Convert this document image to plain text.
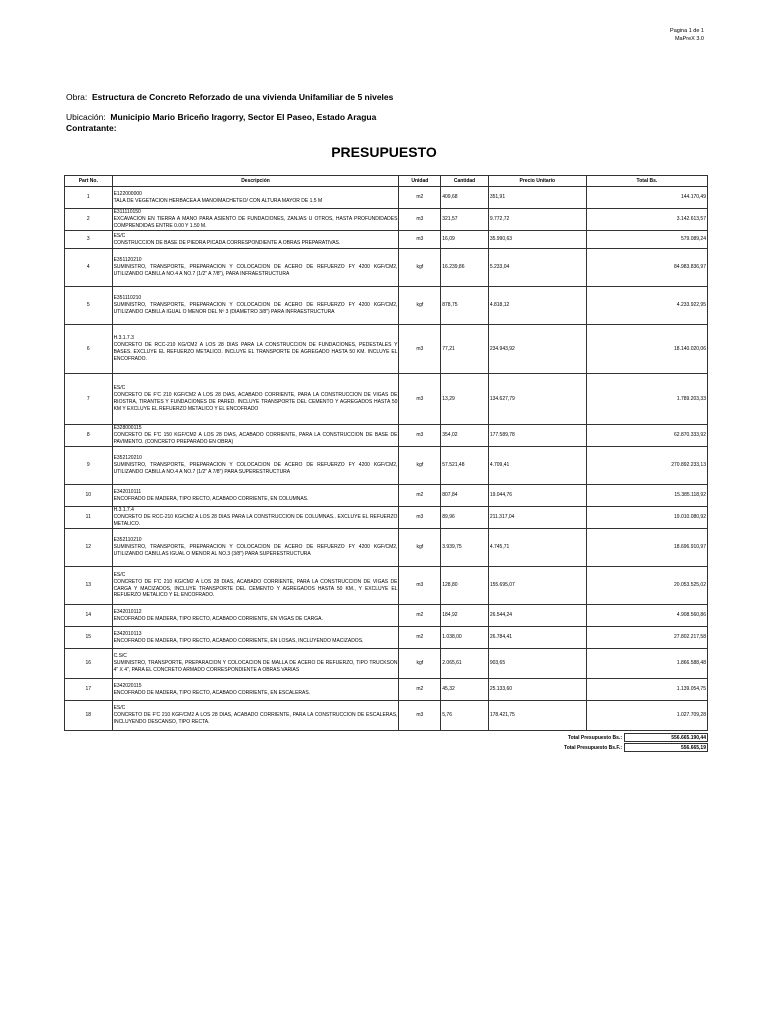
Pagina 1 de 1
MaPreX 3.0
Obra: Estructura de Concreto Reforzado de una vivienda Unifamiliar de 5 niveles
Ubicación: Municipio Mario Briceño Iragorry, Sector El Paseo, Estado Aragua
Contratante:
PRESUPUESTO
Part No.	Descripción	Unidad	Cantidad	Precio Unitario	Total Bs.
1	E122000000
TALA DE VEGETACION HERBACEA A MANO/MACHETEO/ CON ALTURA MAYOR DE 1.5 M	m2	409,68	351,91	144.170,49
2	E311110150
EXCAVACION EN TIERRA A MANO PARA ASIENTO DE FUNDACIONES, ZANJAS U OTROS, HASTA PROFUNDIDADES COMPRENDIDAS ENTRE 0.00 Y 1.50 M.	m3	321,57	9.772,72	3.142.613,57
3	ES/C
CONSTRUCCION DE BASE DE PIEDRA PICADA CORRESPONDIENTE A OBRAS PREPARATIVAS.	m3	16,09	35.990,63	579.089,24
4	E351120210
SUMINISTRO, TRANSPORTE, PREPARACION Y COLOCACION DE ACERO DE REFUERZO FY 4200 KGF/CM2, UTILIZANDO CABILLA NO.4 A NO.7 (1/2" A 7/8"), PARA INFRAESTRUCTURA	kgf	16.239,86	5.233,04	84.983.836,97
5	E351110210
SUMINISTRO, TRANSPORTE, PREPARACION Y COLOCACION DE ACERO DE REFUERZO FY 4200 KGF/CM2, UTILIZANDO CABILLA IGUAL O MENOR DEL Nº 3 (DIAMETRO 3/8") PARA INFRAESTRUCTURA	kgf	878,75	4.818,12	4.233.922,95
6	H.3.1.7.3
CONCRETO DE RCC-210 KG/CM2 A LOS 28 DIAS PARA LA CONSTRUCCION DE FUNDACIONES, PEDESTALES Y BASES. EXCLUYE EL REFUERZO METALICO. INCLUYE EL TRANSPORTE DE AGREGADO HASTA 50 KM. INCLUYE EL ENCOFRADO.	m3	77,21	234.943,92	18.140.020,06
7	ES/C
CONCRETO DE F'C 210 KGF/CM2 A LOS 28 DIAS, ACABADO CORRIENTE, PARA LA CONSTRUCCION DE VIGAS DE RIOSTRA, TIRANTES Y FUNDACIONES DE PARED. INCLUYE TRANSPORTE DEL CEMENTO Y AGREGADOS HASTA 50 KM Y EXCLUYE EL REFUERZO METALICO Y EL ENCOFRADO	m3	13,29	134.627,79	1.789.203,33
8	E328000115
CONCRETO DE F'C 150 KGF/CM2 A LOS 28 DIAS, ACABADO CORRIENTE, PARA LA CONSTRUCCION DE BASE DE PAVIMENTO. (CONCRETO PREPARADO EN OBRA)	m3	354,02	177.589,78	62.870.333,92
9	E352120210
SUMINISTRO, TRANSPORTE, PREPARACION Y COLOCACION DE ACERO DE REFUERZO FY 4200 KGF/CM2, UTILIZANDO CABILLA NO.4 A NO.7 (1/2" A 7/8") PARA SUPERESTRUCTURA	kgf	57.521,48	4.709,41	270.892.233,13
10	E342010111
ENCOFRADO DE MADERA, TIPO RECTO, ACABADO CORRIENTE, EN COLUMNAS.	m2	807,84	19.044,76	15.385.118,92
11	H.3.1.7.4
CONCRETO DE RCC-210 KG/CM2 A LOS 28 DIAS PARA LA CONSTRUCCION DE COLUMNAS.. EXCLUYE EL REFUERZO METALICO.	m3	89,96	211.317,04	19.010.080,92
12	E352110210
SUMINISTRO, TRANSPORTE, PREPARACION Y COLOCACION DE ACERO DE REFUERZO FY 4200 KGF/CM2, UTILIZANDO CABILLAS IGUAL O MENOR AL NO.3 (3/8") PARA SUPERESTRUCTURA	kgf	3.939,75	4.745,71	18.696.910,97
13	ES/C
CONCRETO DE F'C 210 KG/CM2 A LOS 28 DIAS, ACABADO CORRIENTE, PARA LA CONSTRUCCION DE VIGAS DE CARGA Y MACIZADOS, INCLUYE TRANSPORTE DEL CEMENTO Y AGREGADOS HASTA 50 KM., Y EXCLUYE EL REFUERZO METALICO Y EL ENCOFRADO.	m3	128,80	155.695,07	20.053.525,02
14	E342010112
ENCOFRADO DE MADERA, TIPO RECTO, ACABADO CORRIENTE, EN VIGAS DE CARGA.	m2	184,92	26.544,24	4.908.560,86
15	E342010113
ENCOFRADO DE MADERA, TIPO RECTO, ACABADO CORRIENTE, EN LOSAS, INCLUYENDO MACIZADOS.	m2	1.038,00	26.784,41	27.802.217,58
16	C.S/C
SUMINISTRO, TRANSPORTE, PREPARACION Y COLOCACION DE MALLA DE ACERO DE REFUERZO, TIPO TRUCKSON 4" X 4", PARA EL CONCRETO ARMADO CORRESPONDIENTE A OBRAS VARIAS	kgf	2.065,61	903,65	1.866.588,48
17	E342020115
ENCOFRADO DE MADERA, TIPO RECTO, ACABADO CORRIENTE, EN ESCALERAS.	m2	45,32	25.133,60	1.139.054,75
18	ES/C
CONCRETO DE F'C 210 KGF/CM2 A LOS 28 DIAS, ACABADO CORRIENTE, PARA LA CONSTRUCCION DE ESCALERAS, INCLUYENDO DESCANSO, TIPO RECTA.	m3	5,76	178.421,75	1.027.709,28
Total Presupuesto Bs.:	556.665.190,44
Total Presupuesto Bs.F.:	556.665,19
